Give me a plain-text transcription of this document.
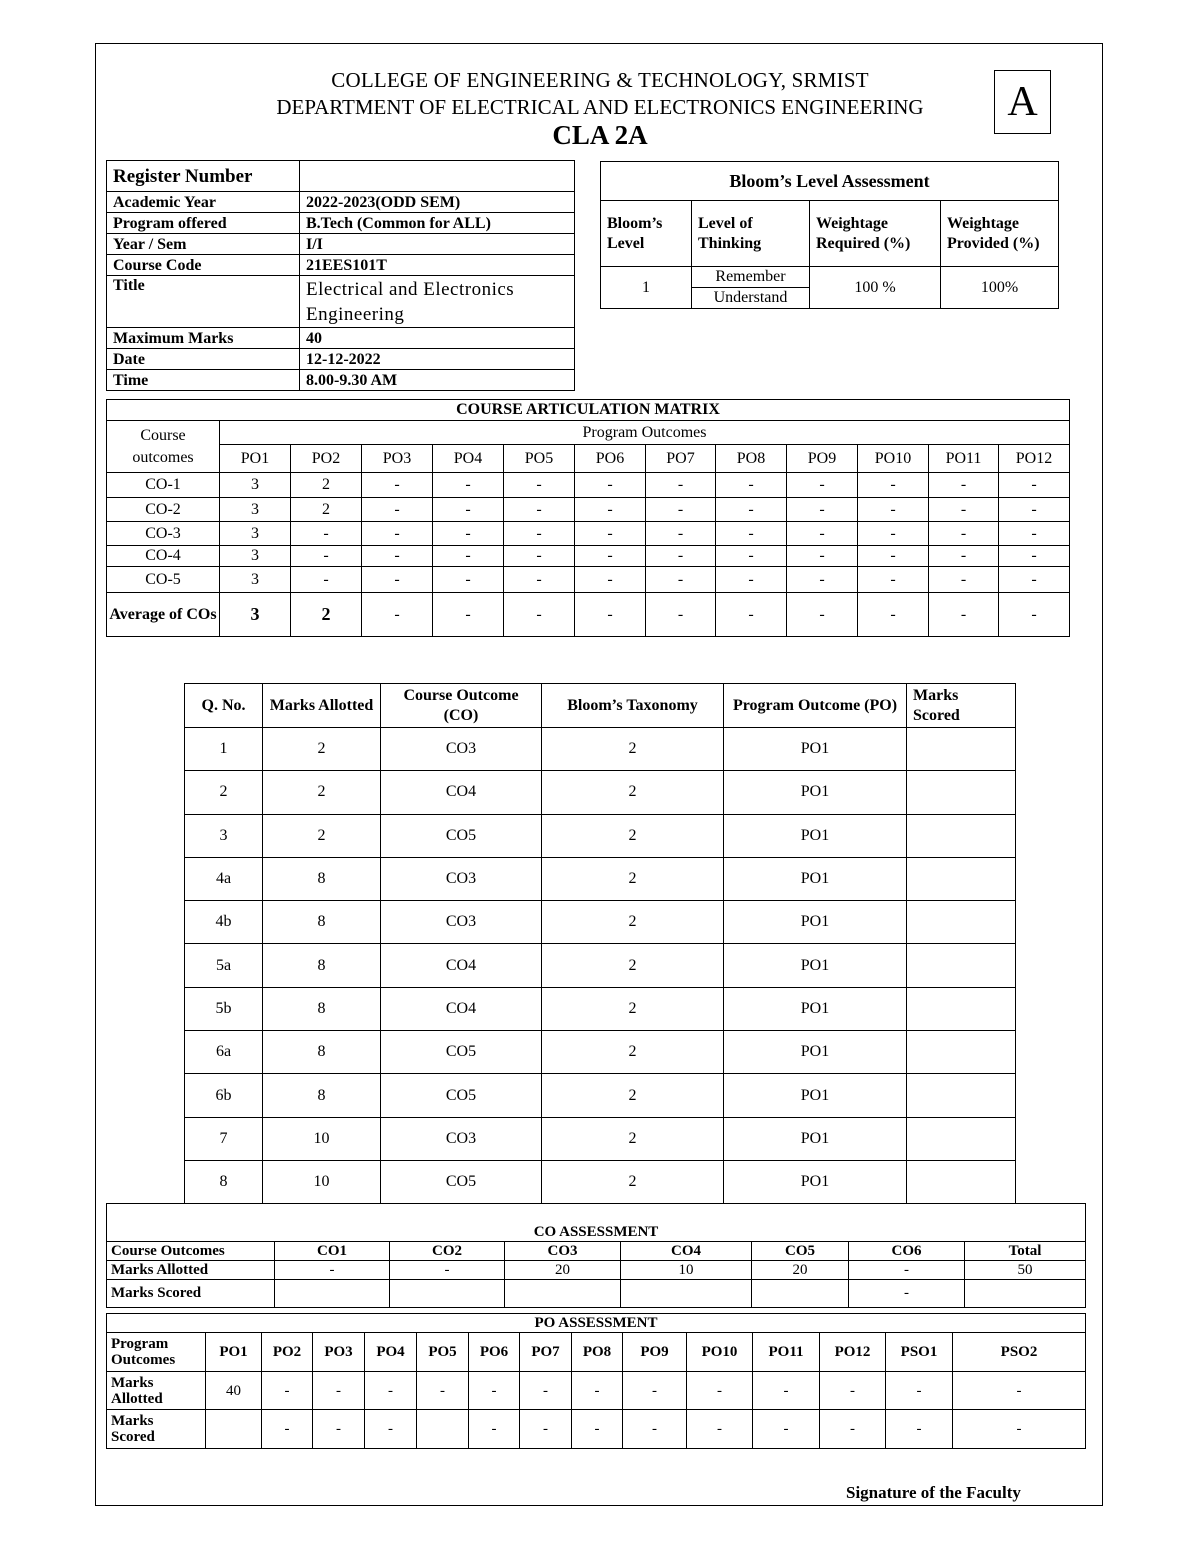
COLLEGE OF ENGINEERING & TECHNOLOGY, SRMIST
DEPARTMENT OF ELECTRICAL AND ELECTRONICS ENGINEERING
CLA 2A
A
Register Number	
Academic Year	2022-2023(ODD SEM)
Program offered	B.Tech (Common for ALL)
Year / Sem	I/I
Course Code	21EES101T
Title	Electrical and Electronics Engineering
Maximum Marks	40
Date	12-12-2022
Time	8.00-9.30 AM
Bloom’s Level Assessment			
Bloom’s Level	Level of Thinking	Weightage Required (%)	Weightage Provided (%)
1	Remember	100 %	100%
	Understand		
COURSE ARTICULATION MATRIX												
Course outcomes	Program Outcomes											
	PO1	PO2	PO3	PO4	PO5	PO6	PO7	PO8	PO9	PO10	PO11	PO12
CO-1	3	2	-	-	-	-	-	-	-	-	-	-
CO-2	3	2	-	-	-	-	-	-	-	-	-	-
CO-3	3	-	-	-	-	-	-	-	-	-	-	-
CO-4	3	-	-	-	-	-	-	-	-	-	-	-
CO-5	3	-	-	-	-	-	-	-	-	-	-	-
Average of COs	3	2	-	-	-	-	-	-	-	-	-	-
Q. No.	Marks Allotted	Course Outcome (CO)	Bloom’s Taxonomy	Program Outcome (PO)	Marks Scored
1	2	CO3	2	PO1	
2	2	CO4	2	PO1	
3	2	CO5	2	PO1	
4a	8	CO3	2	PO1	
4b	8	CO3	2	PO1	
5a	8	CO4	2	PO1	
5b	8	CO4	2	PO1	
6a	8	CO5	2	PO1	
6b	8	CO5	2	PO1	
7	10	CO3	2	PO1	
8	10	CO5	2	PO1	
CO ASSESSMENT							
Course Outcomes	CO1	CO2	CO3	CO4	CO5	CO6	Total
Marks Allotted	-	-	20	10	20	-	50
Marks Scored						-	
PO ASSESSMENT															
Program Outcomes	PO1	PO2	PO3	PO4	PO5	PO6	PO7	PO8	PO9	PO10	PO11	PO12	PSO1	PSO2	
Marks Allotted	40	-	-	-	-	-	-	-	-	-	-	-	-	-	
Marks Scored		-	-	-		-	-	-	-	-	-	-	-	-	
Signature of the Faculty
